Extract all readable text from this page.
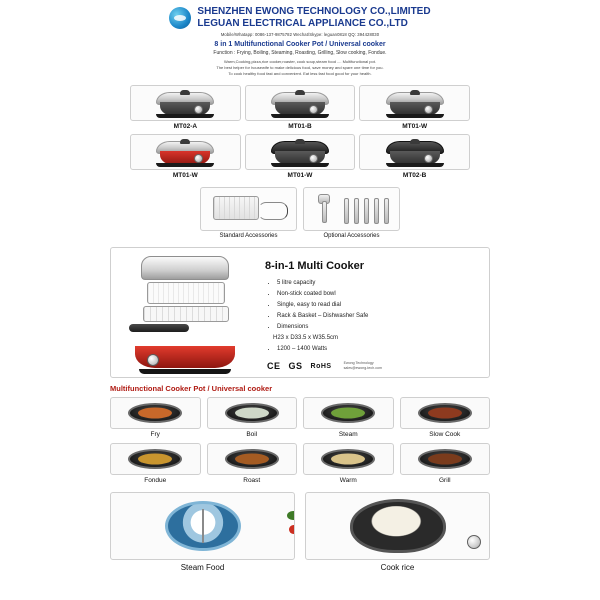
SHENZHEN EWONG TECHNOLOGY CO.,LIMITED
LEGUAN ELECTRICAL APPLIANCE CO.,LTD
Mobile/Whatapp: 0086-137-9875782 Wechat/Skype: leguan0818 QQ: 394428030
8 in 1 Multifunctional Cooker Pot / Universal cooker
Function : Frying, Boiling, Steaming, Roasting, Grilling, Slow cooking, Fondue.
Warm,Cooking,pizza,rice cooker,roaster, cook soup,steam food .... Multifunctional pot.
The best helper for housewife to make delicious food, save money and spare one time for you.
To cook healthy food fast and convenient. Eat less fast food good for your health.
MT02-A	MT01-B	MT01-W
MT01-W	MT01-W	MT02-B
Standard Accessories	Optional Accessories
8-in-1 Multi Cooker
• 5 litre capacity
• Non-stick coated bowl
• Single, easy to read dial
• Rack & Basket – Dishwasher Safe
• Dimensions
H23 x D33.5 x W35.5cm
• 1200 – 1400 Watts
CE GS RoHS	Ewong Technology
sales@ewong-tech.com
Multifunctional Cooker Pot / Universal cooker
Fry	Boil	Steam	Slow Cook
Fondue	Roast	Warm	Grill
Steam Food	Cook rice
